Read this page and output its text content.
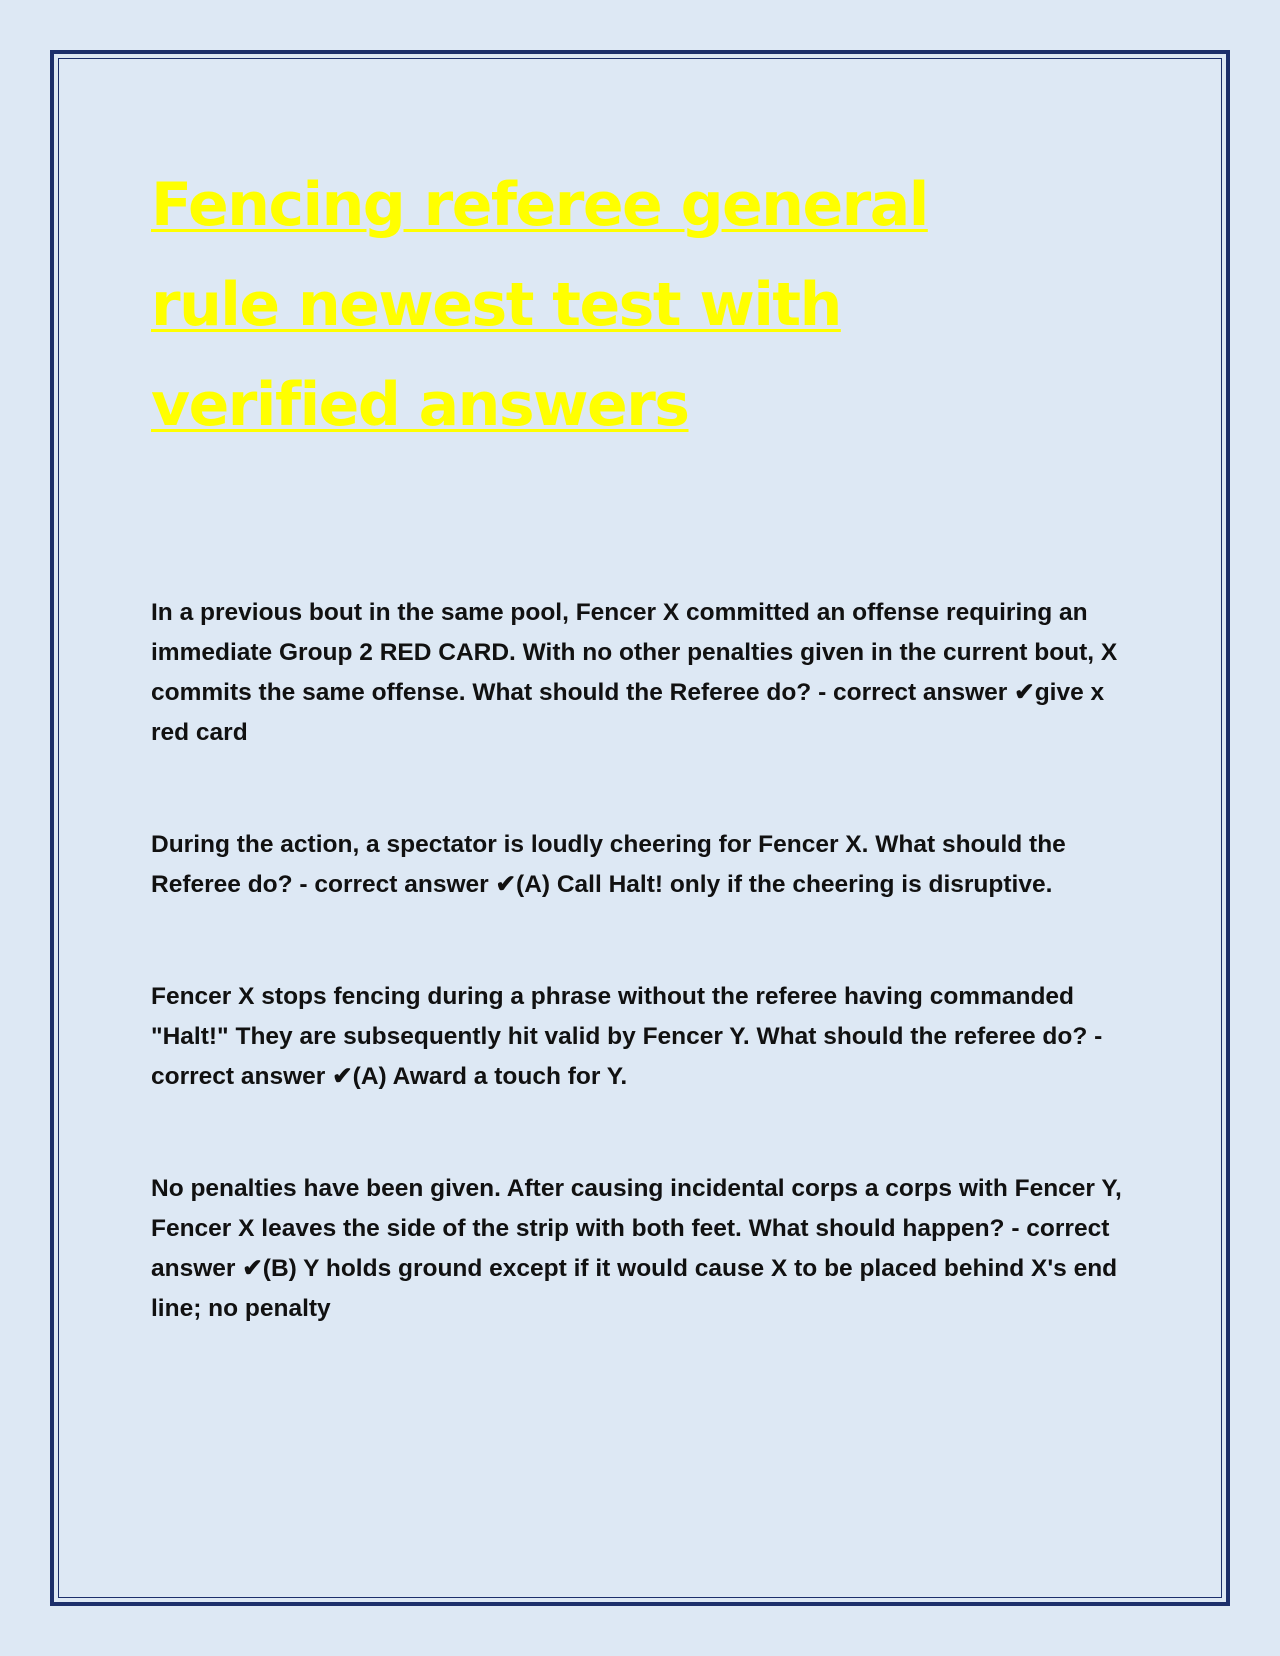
Fencing referee general rule newest test with verified answers

In a previous bout in the same pool, Fencer X committed an offense requiring an immediate Group 2 RED CARD. With no other penalties given in the current bout, X commits the same offense. What should the Referee do? - correct answer ✔give x red card

During the action, a spectator is loudly cheering for Fencer X. What should the Referee do? - correct answer ✔(A) Call Halt! only if the cheering is disruptive.

Fencer X stops fencing during a phrase without the referee having commanded "Halt!" They are subsequently hit valid by Fencer Y. What should the referee do? - correct answer ✔(A) Award a touch for Y.

No penalties have been given. After causing incidental corps a corps with Fencer Y, Fencer X leaves the side of the strip with both feet. What should happen? - correct answer ✔(B) Y holds ground except if it would cause X to be placed behind X's end line; no penalty
